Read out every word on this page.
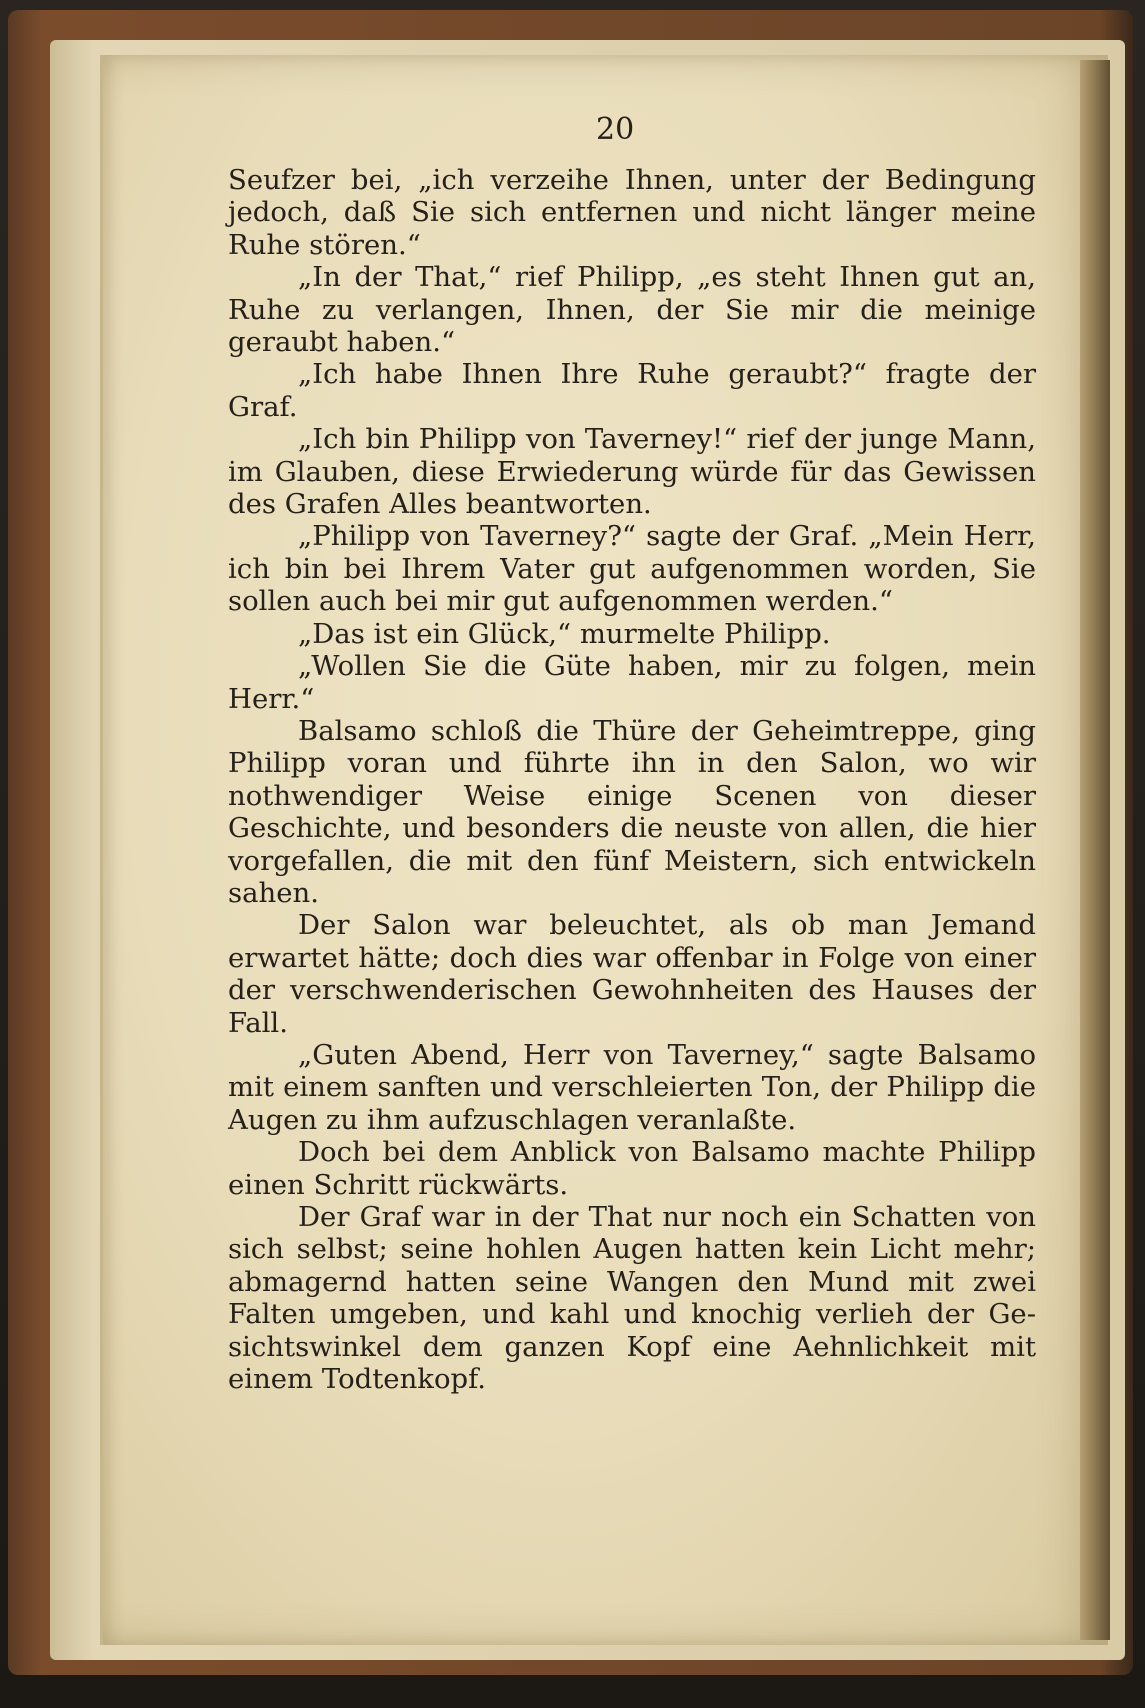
20

Seufzer bei, „ich verzeihe Ihnen, unter der Bedingung jedoch, daß Sie sich entfernen und nicht länger meine Ruhe stören.“

„In der That,“ rief Philipp, „es steht Ihnen gut an, Ruhe zu verlangen, Ihnen, der Sie mir die meinige geraubt haben.“

„Ich habe Ihnen Ihre Ruhe geraubt?“ fragte der Graf.

„Ich bin Philipp von Taverney!“ rief der junge Mann, im Glauben, diese Erwiederung würde für das Gewissen des Grafen Alles beantworten.

„Philipp von Taverney?“ sagte der Graf. „Mein Herr, ich bin bei Ihrem Vater gut aufgenommen worden, Sie sollen auch bei mir gut aufgenommen werden.“

„Das ist ein Glück,“ murmelte Philipp.

„Wollen Sie die Güte haben, mir zu folgen, mein Herr.“

Balsamo schloß die Thüre der Geheimtreppe, ging Philipp voran und führte ihn in den Salon, wo wir nothwendiger Weise einige Scenen von dieser Geschichte, und besonders die neuste von allen, die hier vorgefallen, die mit den fünf Meistern, sich entwickeln sahen.

Der Salon war beleuchtet, als ob man Jemand erwartet hätte; doch dies war offenbar in Folge von einer der verschwenderischen Gewohnheiten des Hauses der Fall.

„Guten Abend, Herr von Taverney,“ sagte Balsamo mit einem sanften und verschleierten Ton, der Philipp die Augen zu ihm aufzuschlagen veranlaßte.

Doch bei dem Anblick von Balsamo machte Philipp einen Schritt rückwärts.

Der Graf war in der That nur noch ein Schatten von sich selbst; seine hohlen Augen hatten kein Licht mehr; abmagernd hatten seine Wangen den Mund mit zwei Falten umgeben, und kahl und knochig verlieh der Gesichtswinkel dem ganzen Kopf eine Aehnlichkeit mit einem Todtenkopf.
